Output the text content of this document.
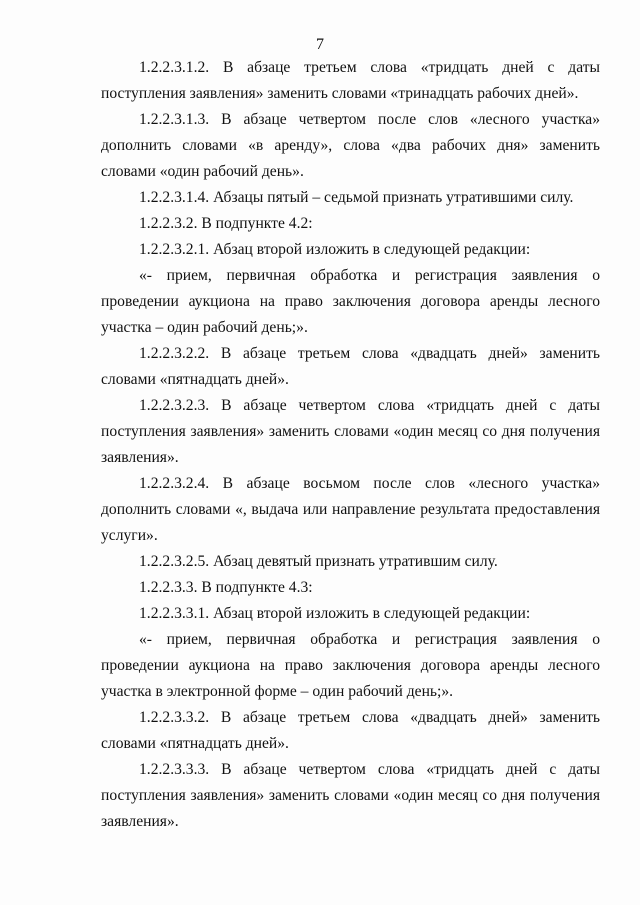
7

1.2.2.3.1.2. В абзаце третьем слова «тридцать дней с даты поступления заявления» заменить словами «тринадцать рабочих дней».

1.2.2.3.1.3. В абзаце четвертом после слов «лесного участка» дополнить словами «в аренду», слова «два рабочих дня» заменить словами «один рабочий день».

1.2.2.3.1.4. Абзацы пятый – седьмой признать утратившими силу.

1.2.2.3.2. В подпункте 4.2:

1.2.2.3.2.1. Абзац второй изложить в следующей редакции:

«- прием, первичная обработка и регистрация заявления о проведении аукциона на право заключения договора аренды лесного участка – один рабочий день;».

1.2.2.3.2.2. В абзаце третьем слова «двадцать дней» заменить словами «пятнадцать дней».

1.2.2.3.2.3. В абзаце четвертом слова «тридцать дней с даты поступления заявления» заменить словами «один месяц со дня получения заявления».

1.2.2.3.2.4. В абзаце восьмом после слов «лесного участка» дополнить словами «, выдача или направление результата предоставления услуги».

1.2.2.3.2.5. Абзац девятый признать утратившим силу.

1.2.2.3.3. В подпункте 4.3:

1.2.2.3.3.1. Абзац второй изложить в следующей редакции:

«- прием, первичная обработка и регистрация заявления о проведении аукциона на право заключения договора аренды лесного участка в электронной форме – один рабочий день;».

1.2.2.3.3.2. В абзаце третьем слова «двадцать дней» заменить словами «пятнадцать дней».

1.2.2.3.3.3. В абзаце четвертом слова «тридцать дней с даты поступления заявления» заменить словами «один месяц со дня получения заявления».
